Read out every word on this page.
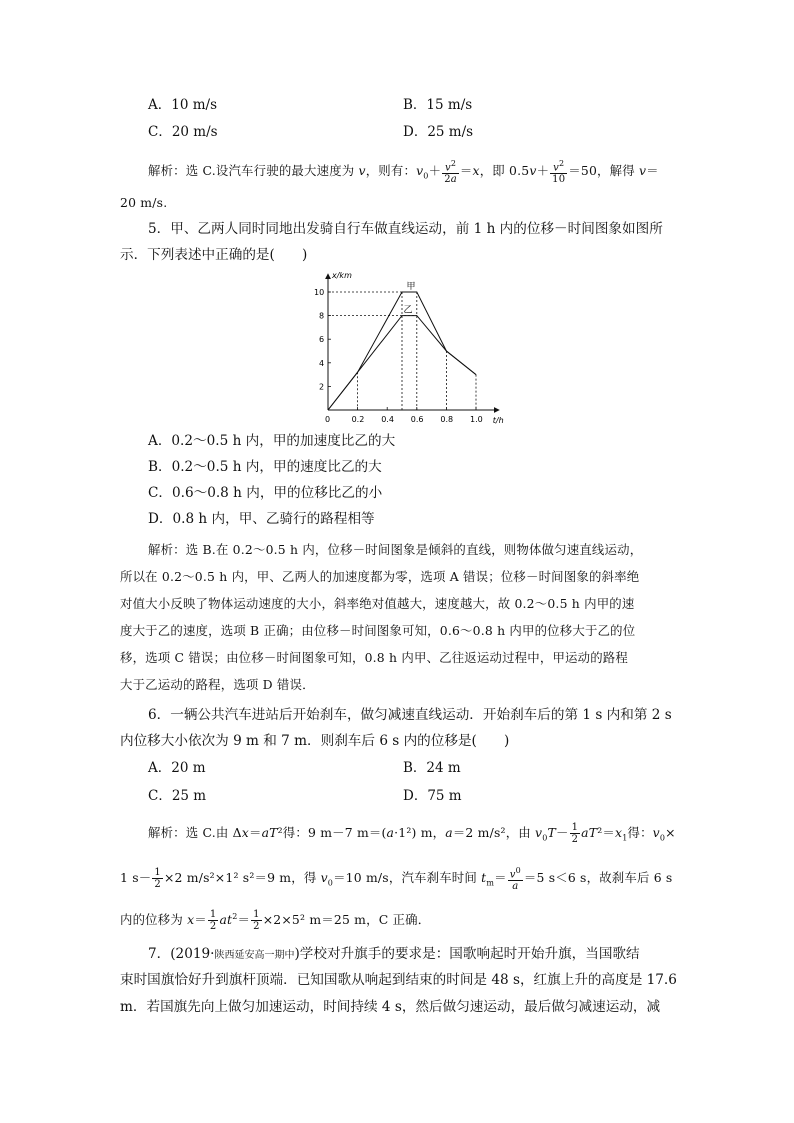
A．10 m/s	B．15 m/s
C．20 m/s	D．25 m/s
解析：选 C.设汽车行驶的最大速度为 v，则有：$v_0+ \frac{v^2}{2a} =x$，即 $0.5v+ \frac{v^2}{10} =50$，解得 v＝
20 m/s.
5．甲、乙两人同时同地出发骑自行车做直线运动，前 1 h 内的位移－时间图象如图所
示．下列表述中正确的是(　　)
t/h
x/km
0	0.2 0.4 0.6 0.8 1.0
2
4
6
8
10
甲
乙
A．0.2～0.5 h 内，甲的加速度比乙的大
B．0.2～0.5 h 内，甲的速度比乙的大
C．0.6～0.8 h 内，甲的位移比乙的小
D．0.8 h 内，甲、乙骑行的路程相等
解析：选 B.在 0.2～0.5 h 内，位移－时间图象是倾斜的直线，则物体做匀速直线运动，
所以在 0.2～0.5 h 内，甲、乙两人的加速度都为零，选项 A 错误；位移－时间图象的斜率绝
对值大小反映了物体运动速度的大小，斜率绝对值越大，速度越大，故 0.2～0.5 h 内甲的速
度大于乙的速度，选项 B 正确；由位移－时间图象可知，0.6～0.8 h 内甲的位移大于乙的位
移，选项 C 错误；由位移－时间图象可知，0.8 h 内甲、乙往返运动过程中，甲运动的路程
大于乙运动的路程，选项 D 错误．
6．一辆公共汽车进站后开始刹车，做匀减速直线运动．开始刹车后的第 1 s 内和第 2 s
内位移大小依次为 9 m 和 7 m．则刹车后 6 s 内的位移是(　　)
A．20 m	B．24 m
C．25 m	D．75 m
解析：选 C.由 Δx＝aT²得：9 m－7 m＝(a·1²) m，a＝2 m/s²，由 $v_0T- \frac{1}{2} aT^2=x_1$得：$v_0\times$
1 $s- \frac{1}{2} \times 2$ m/s²×1² s²＝9 m，得 $v_0=10$ m/s，汽车刹车时间 $t_m= \frac{v^0}{a} =5$ s＜6 s，故刹车后 6 s
内的位移为 $x= \frac{1}{2} at^2= \frac{1}{2} \times 2\times 5^2$ m＝25 m，C 正确．
7．(2019·陕西延安高一期中)学校对升旗手的要求是：国歌响起时开始升旗，当国歌结
束时国旗恰好升到旗杆顶端．已知国歌从响起到结束的时间是 48 s，红旗上升的高度是 17.6
m．若国旗先向上做匀加速运动，时间持续 4 s，然后做匀速运动，最后做匀减速运动，减
